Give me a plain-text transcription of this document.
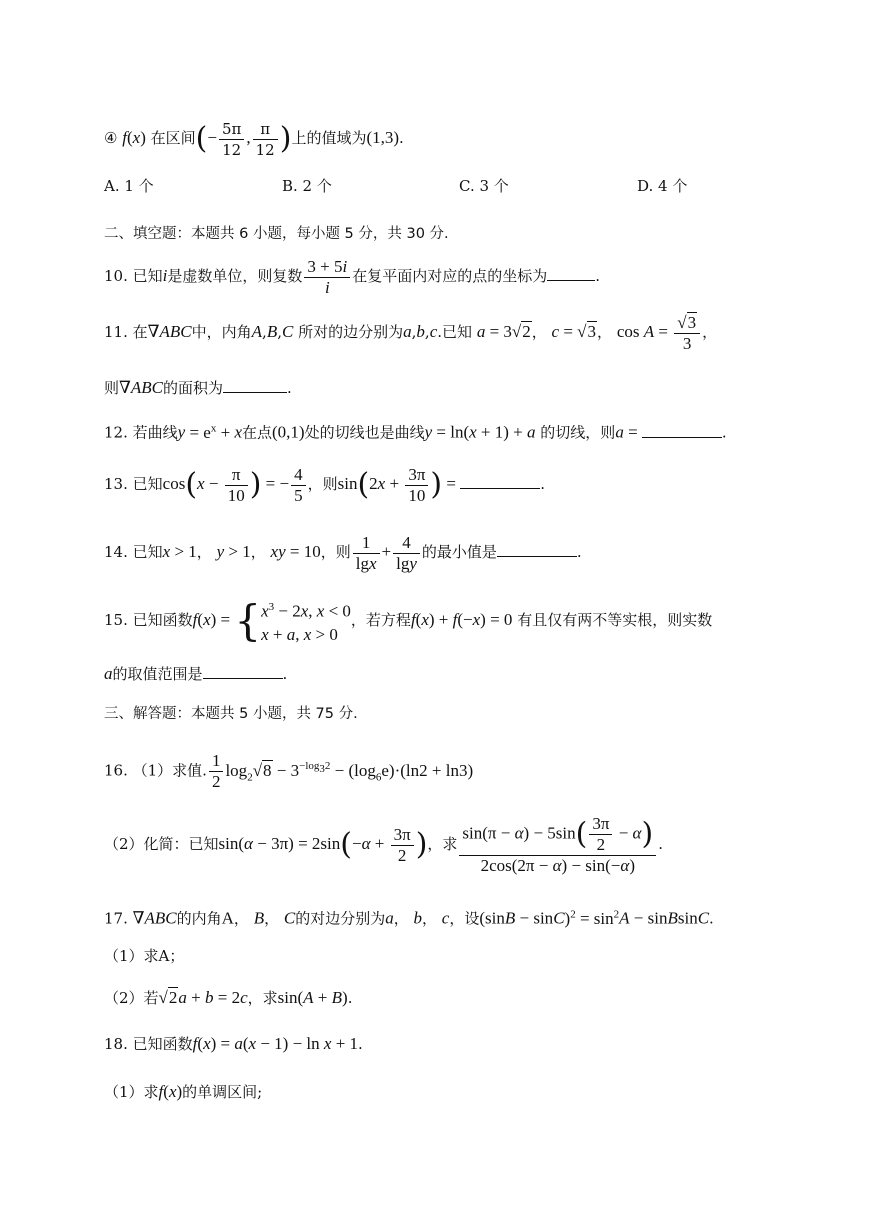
④ f(x) 在区间(− $\frac{5\pi}{12}$ , $\frac{\pi}{12}$ )上的值域为(1,3).
A. 1 个	B. 2 个	C. 3 个	D. 4 个
二、填空题：本题共 6 小题，每小题 5 分，共 30 分.
10. 已知i是虚数单位，则复数 $\frac{3 + 5i}{i}$ 在复平面内对应的点的坐标为	.
11. 在∇ABC中，内角A,B,C 所对的边分别为a,b,c.已知 a = 3√2， c = √3， $\cos A = \frac{√3}{3}$ ，
则∇ABC的面积为	.
12. 若曲线$y = e^x + x$在点(0,1)处的切线也是曲线y = ln(x + 1) + a 的切线，则a =	.
13. 已知$\cos(x - \frac{\pi}{10}$ ) = − $\frac{4}{5}$ ，则$\sin(2x + \frac{3\pi}{10}$ ) =	.
14. 已知x > 1， y > 1， xy = 10，则 $\frac{1}{\lg x} + \frac{4}{\lg y}$ 的最小值是	.
15. 已知函数f(x) = { $x^3 - 2x$, x < 0
x + a, x > 0
，若方程f(x) + f(−x) = 0 有且仅有两不等实根，则实数
a的取值范围是	.
三、解答题：本题共 5 小题，共 75 分.
16. （1）求值. $\frac{1}{2} \log_2√8 - 3^{-log_32} - (\log_6e)\cdot(\ln 2 + \ln 3)$
（2）化简：已知$\sin(\alpha - 3\pi) = 2\sin(-\alpha + \frac{3\pi}{2}$ )，求 $\frac{\sin(\pi - \alpha) - 5\sin( \frac{3\pi}{2} - \alpha)}{2\cos(2\pi - \alpha) - \sin(-\alpha)}$ .
17. ∇ABC的内角A， B， C的对边分别为a， b， c，设$(\sin B - \sin C)^2 = \sin^2A$ − sinBsinC.
（1）求A；
（2）若√2a + b = 2c，求sin(A + B).
18. 已知函数f(x) = a(x − 1) − ln x + 1.
（1）求f(x)的单调区间;
